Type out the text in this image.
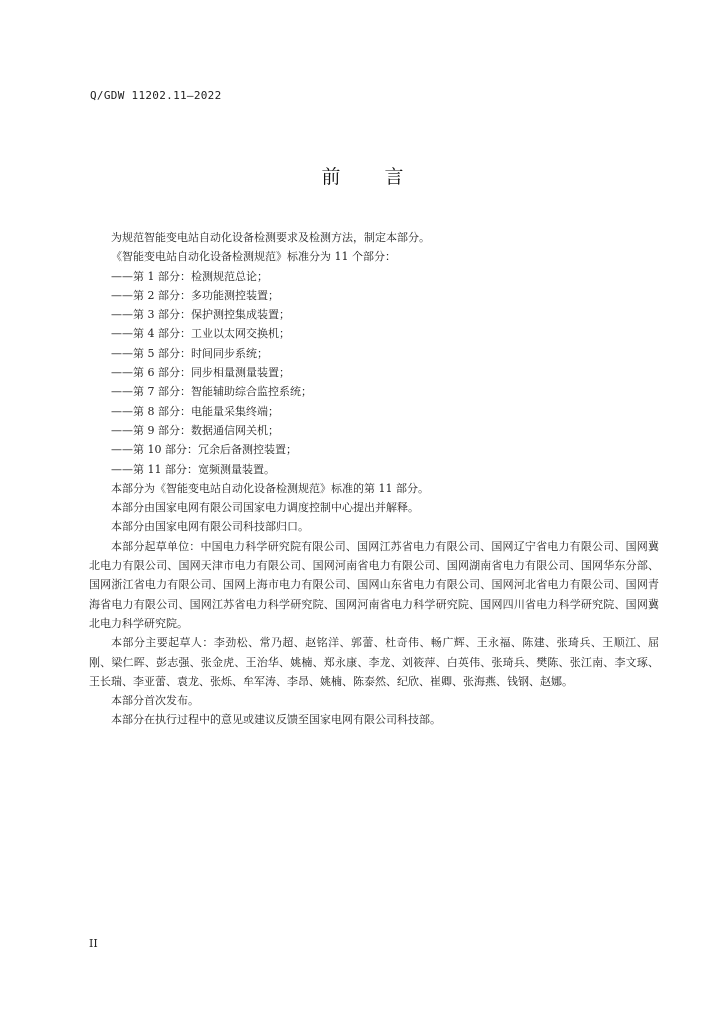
Q/GDW 11202.11—2022
前 言

为规范智能变电站自动化设备检测要求及检测方法，制定本部分。

《智能变电站自动化设备检测规范》标准分为 11 个部分：

——第 1 部分：检测规范总论；
——第 2 部分：多功能测控装置；
——第 3 部分：保护测控集成装置；
——第 4 部分：工业以太网交换机；
——第 5 部分：时间同步系统；
——第 6 部分：同步相量测量装置；
——第 7 部分：智能辅助综合监控系统；
——第 8 部分：电能量采集终端；
——第 9 部分：数据通信网关机；
——第 10 部分：冗余后备测控装置；
——第 11 部分：宽频测量装置。

本部分为《智能变电站自动化设备检测规范》标准的第 11 部分。

本部分由国家电网有限公司国家电力调度控制中心提出并解释。

本部分由国家电网有限公司科技部归口。

本部分起草单位：中国电力科学研究院有限公司、国网江苏省电力有限公司、国网辽宁省电力有限公司、国网冀北电力有限公司、国网天津市电力有限公司、国网河南省电力有限公司、国网湖南省电力有限公司、国网华东分部、国网浙江省电力有限公司、国网上海市电力有限公司、国网山东省电力有限公司、国网河北省电力有限公司、国网青海省电力有限公司、国网江苏省电力科学研究院、国网河南省电力科学研究院、国网四川省电力科学研究院、国网冀北电力科学研究院。

本部分主要起草人：李劲松、常乃超、赵铭洋、郭蕾、杜奇伟、畅广辉、王永福、陈建、张琦兵、王顺江、屈刚、梁仁晖、彭志强、张金虎、王治华、姚楠、郑永康、李龙、刘筱萍、白英伟、张琦兵、樊陈、张江南、李文琢、王长瑞、李亚蕾、袁龙、张烁、牟军涛、李昂、姚楠、陈泰然、纪欣、崔卿、张海燕、钱钢、赵娜。

本部分首次发布。

本部分在执行过程中的意见或建议反馈至国家电网有限公司科技部。

II
